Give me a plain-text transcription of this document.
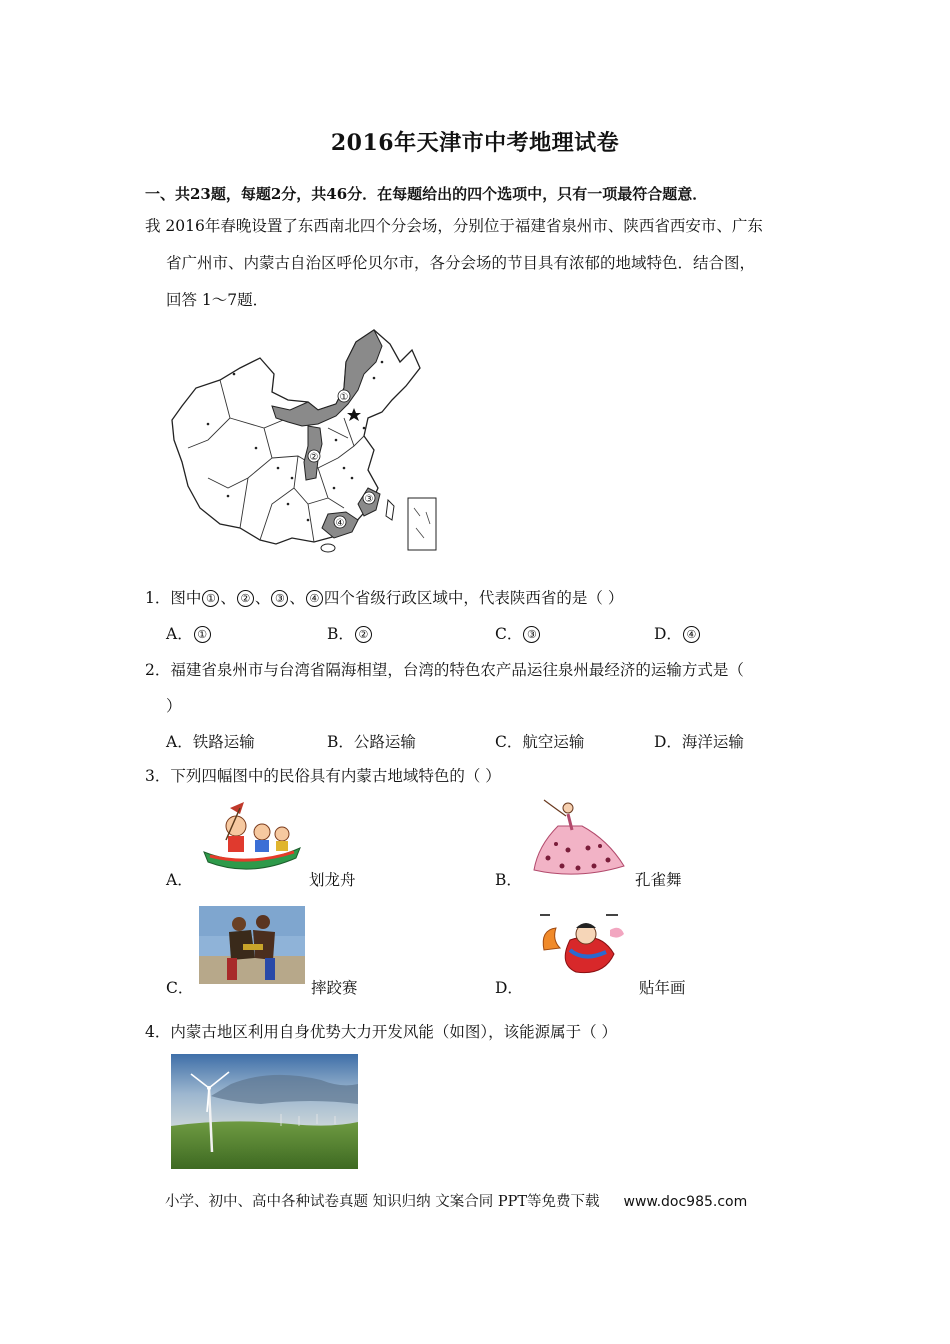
2016年天津市中考地理试卷
一、共23题，每题2分，共46分．在每题给出的四个选项中，只有一项最符合题意．
我 2016年春晚设置了东西南北四个分会场，分别位于福建省泉州市、陕西省西安市、广东
省广州市、内蒙古自治区呼伦贝尔市，各分会场的节目具有浓郁的地域特色．结合图，
回答 1～7题．
①
②
③
④
1．图中 ① 、 ② 、 ③ 、 ④ 四个省级行政区域中，代表陕西省的是（ ）
A． ①	B． ②	C． ③	D． ④
2．福建省泉州市与台湾省隔海相望，台湾的特色农产品运往泉州最经济的运输方式是（
）
A．铁路运输	B．公路运输	C．航空运输	D．海洋运输
3．下列四幅图中的民俗具有内蒙古地域特色的（ ）
A．	划龙舟	B．	孔雀舞
C．	摔跤赛	D．	贴年画
4．内蒙古地区利用自身优势大力开发风能（如图），该能源属于（ ）
小学、初中、高中各种试卷真题 知识归纳 文案合同 PPT等免费下载 www.doc985.com
